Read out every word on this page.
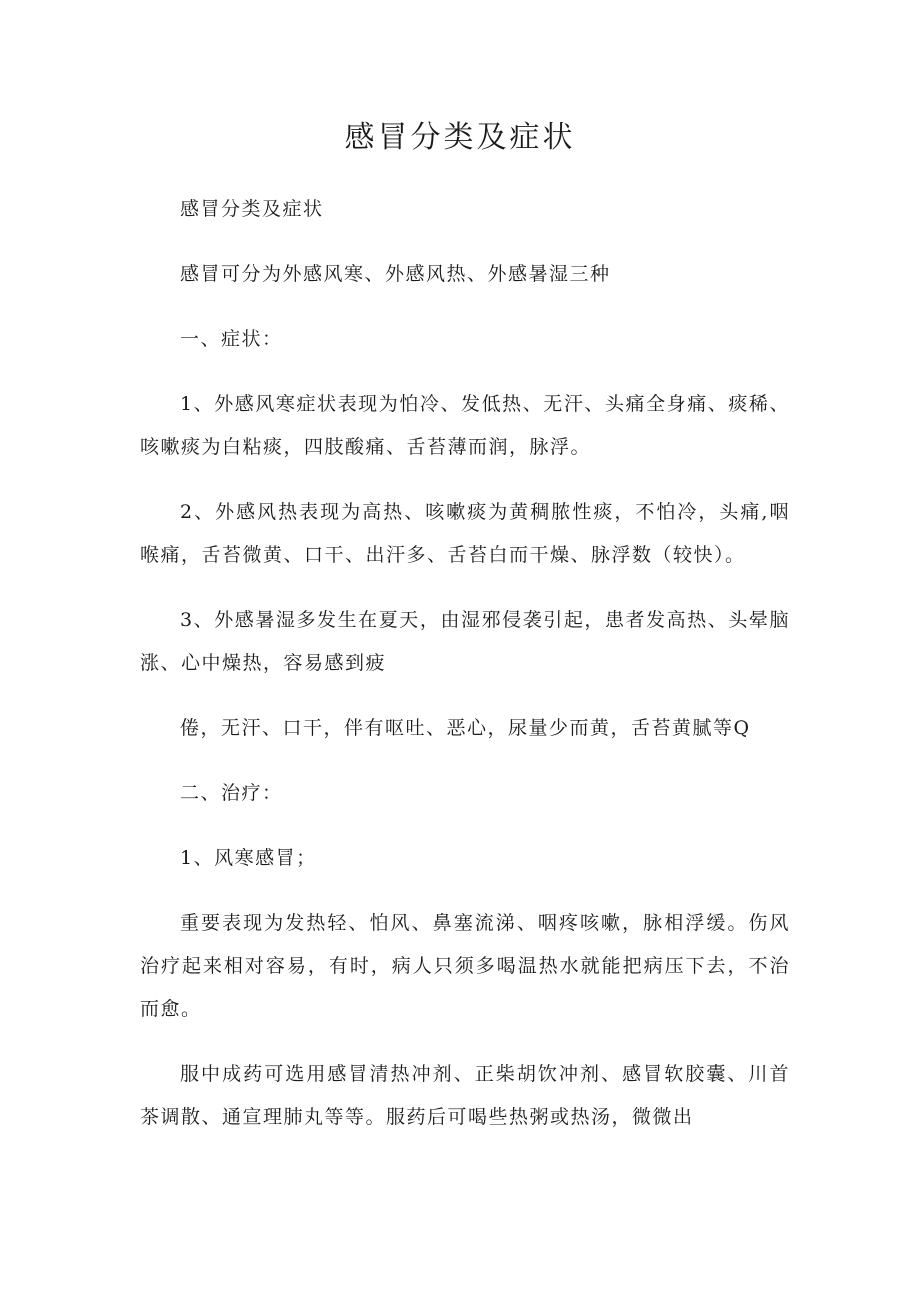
感冒分类及症状

感冒分类及症状

感冒可分为外感风寒、外感风热、外感暑湿三种

一、症状：

1、外感风寒症状表现为怕冷、发低热、无汗、头痛全身痛、痰稀、咳嗽痰为白粘痰，四肢酸痛、舌苔薄而润，脉浮。

2、外感风热表现为高热、咳嗽痰为黄稠脓性痰，不怕冷，头痛,咽喉痛，舌苔微黄、口干、出汗多、舌苔白而干燥、脉浮数（较快）。

3、外感暑湿多发生在夏天，由湿邪侵袭引起，患者发高热、头晕脑涨、心中燥热，容易感到疲

倦，无汗、口干，伴有呕吐、恶心，尿量少而黄，舌苔黄腻等Q

二、治疗：

1、风寒感冒；

重要表现为发热轻、怕风、鼻塞流涕、咽疼咳嗽，脉相浮缓。伤风治疗起来相对容易，有时，病人只须多喝温热水就能把病压下去，不治而愈。

服中成药可选用感冒清热冲剂、正柴胡饮冲剂、感冒软胶囊、川首茶调散、通宣理肺丸等等。服药后可喝些热粥或热汤，微微出
